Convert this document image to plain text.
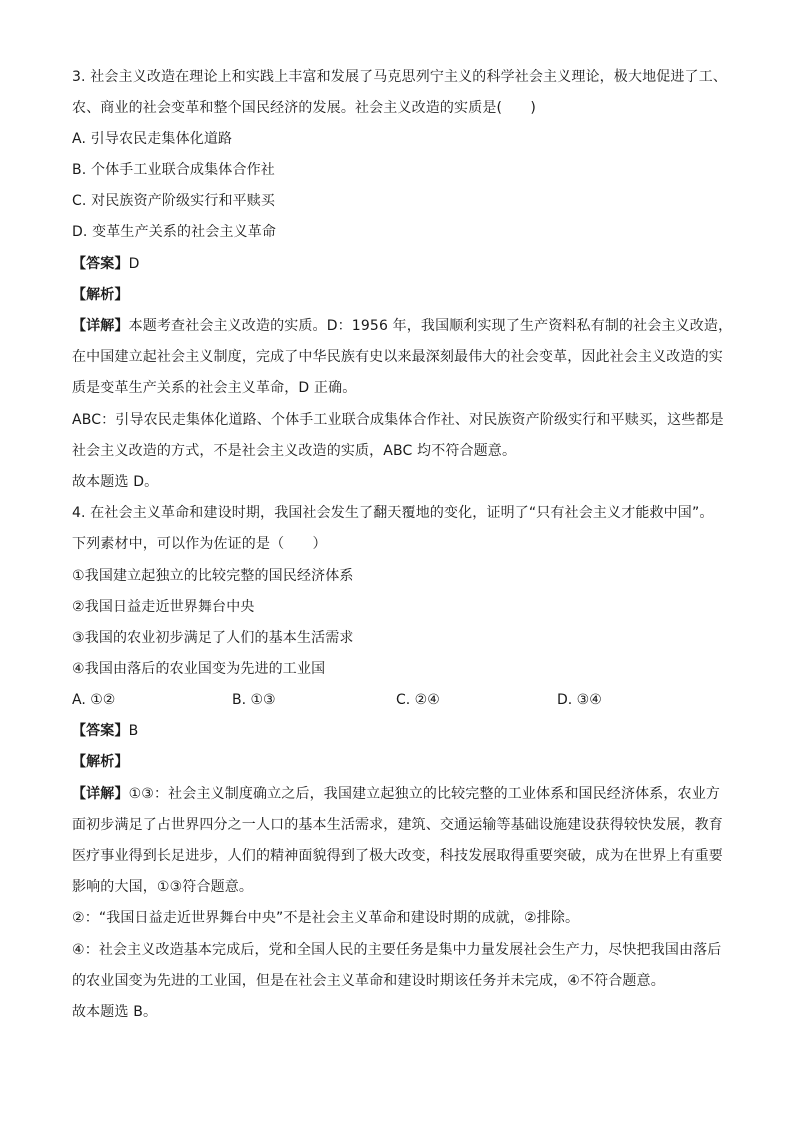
3. 社会主义改造在理论上和实践上丰富和发展了马克思列宁主义的科学社会主义理论，极大地促进了工、
农、商业的社会变革和整个国民经济的发展。社会主义改造的实质是(　　)
A. 引导农民走集体化道路
B. 个体手工业联合成集体合作社
C. 对民族资产阶级实行和平赎买
D. 变革生产关系的社会主义革命
【答案】D
【解析】
【详解】本题考查社会主义改造的实质。D：1956 年，我国顺利实现了生产资料私有制的社会主义改造，
在中国建立起社会主义制度，完成了中华民族有史以来最深刻最伟大的社会变革，因此社会主义改造的实
质是变革生产关系的社会主义革命，D 正确。
ABC：引导农民走集体化道路、个体手工业联合成集体合作社、对民族资产阶级实行和平赎买，这些都是
社会主义改造的方式，不是社会主义改造的实质，ABC 均不符合题意。
故本题选 D。
4. 在社会主义革命和建设时期，我国社会发生了翻天覆地的变化，证明了“只有社会主义才能救中国”。
下列素材中，可以作为佐证的是（　　）
①我国建立起独立的比较完整的国民经济体系
②我国日益走近世界舞台中央
③我国的农业初步满足了人们的基本生活需求
④我国由落后的农业国变为先进的工业国
A. ①②	B. ①③	C. ②④	D. ③④
【答案】B
【解析】
【详解】①③：社会主义制度确立之后，我国建立起独立的比较完整的工业体系和国民经济体系，农业方
面初步满足了占世界四分之一人口的基本生活需求，建筑、交通运输等基础设施建设获得较快发展，教育
医疗事业得到长足进步，人们的精神面貌得到了极大改变，科技发展取得重要突破，成为在世界上有重要
影响的大国，①③符合题意。
②：“我国日益走近世界舞台中央”不是社会主义革命和建设时期的成就，②排除。
④：社会主义改造基本完成后，党和全国人民的主要任务是集中力量发展社会生产力，尽快把我国由落后
的农业国变为先进的工业国，但是在社会主义革命和建设时期该任务并未完成，④不符合题意。
故本题选 B。
